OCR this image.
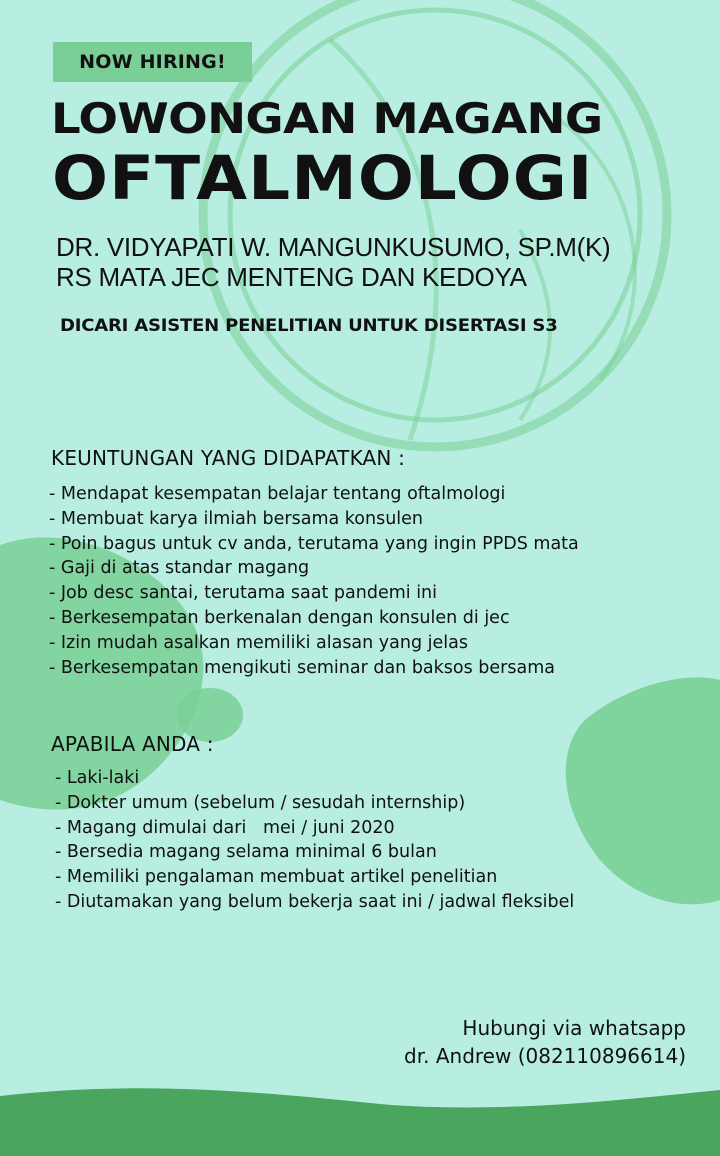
NOW HIRING!
LOWONGAN MAGANG
OFTALMOLOGI
DR. VIDYAPATI W. MANGUNKUSUMO, SP.M(K)
RS MATA JEC MENTENG DAN KEDOYA
DICARI ASISTEN PENELITIAN UNTUK DISERTASI S3
KEUNTUNGAN YANG DIDAPATKAN :
- Mendapat kesempatan belajar tentang oftalmologi
- Membuat karya ilmiah bersama konsulen
- Poin bagus untuk cv anda, terutama yang ingin PPDS mata
- Gaji di atas standar magang
- Job desc santai, terutama saat pandemi ini
- Berkesempatan berkenalan dengan konsulen di jec
- Izin mudah asalkan memiliki alasan yang jelas
- Berkesempatan mengikuti seminar dan baksos bersama
APABILA ANDA :
- Laki-laki
- Dokter umum (sebelum / sesudah internship)
- Magang dimulai dari   mei / juni 2020
- Bersedia magang selama minimal 6 bulan
- Memiliki pengalaman membuat artikel penelitian
- Diutamakan yang belum bekerja saat ini / jadwal fleksibel
Hubungi via whatsapp
dr. Andrew (082110896614)
